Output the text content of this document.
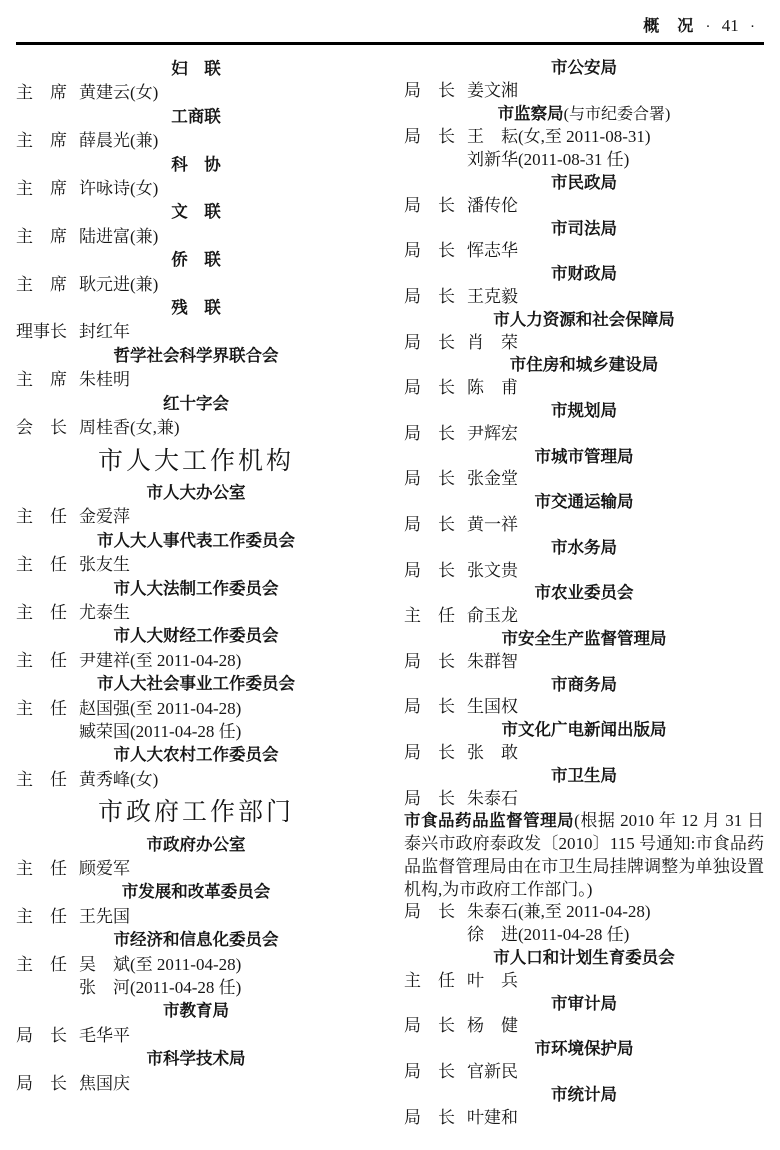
概　况 · 41 ·
妇　联
主　席 黄建云(女)
工商联
主　席 薛晨光(兼)
科　协
主　席 许咏诗(女)
文　联
主　席 陆进富(兼)
侨　联
主　席 耿元进(兼)
残　联
理事长 封红年
哲学社会科学界联合会
主　席 朱桂明
红十字会
会　长 周桂香(女,兼)
市人大工作机构
市人大办公室
主　任 金爱萍
市人大人事代表工作委员会
主　任 张友生
市人大法制工作委员会
主　任 尤泰生
市人大财经工作委员会
主　任 尹建祥(至 2011-04-28)
市人大社会事业工作委员会
主　任 赵国强(至 2011-04-28)
臧荣国(2011-04-28 任)
市人大农村工作委员会
主　任 黄秀峰(女)
市政府工作部门
市政府办公室
主　任 顾爱军
市发展和改革委员会
主　任 王先国
市经济和信息化委员会
主　任 吴　斌(至 2011-04-28)
张　河(2011-04-28 任)
市教育局
局　长 毛华平
市科学技术局
局　长 焦国庆
市公安局
局　长 姜文湘
市监察局(与市纪委合署)
局　长 王　耘(女,至 2011-08-31)
刘新华(2011-08-31 任)
市民政局
局　长 潘传伦
市司法局
局　长 恽志华
市财政局
局　长 王克毅
市人力资源和社会保障局
局　长 肖　荣
市住房和城乡建设局
局　长 陈　甫
市规划局
局　长 尹辉宏
市城市管理局
局　长 张金堂
市交通运输局
局　长 黄一祥
市水务局
局　长 张文贵
市农业委员会
主　任 俞玉龙
市安全生产监督管理局
局　长 朱群智
市商务局
局　长 生国权
市文化广电新闻出版局
局　长 张　敢
市卫生局
局　长 朱泰石
市食品药品监督管理局(根据 2010 年 12 月 31 日泰兴市政府泰政发〔2010〕115 号通知:市食品药品监督管理局由在市卫生局挂牌调整为单独设置机构,为市政府工作部门。)
局　长 朱泰石(兼,至 2011-04-28)
徐　进(2011-04-28 任)
市人口和计划生育委员会
主　任 叶　兵
市审计局
局　长 杨　健
市环境保护局
局　长 官新民
市统计局
局　长 叶建和
